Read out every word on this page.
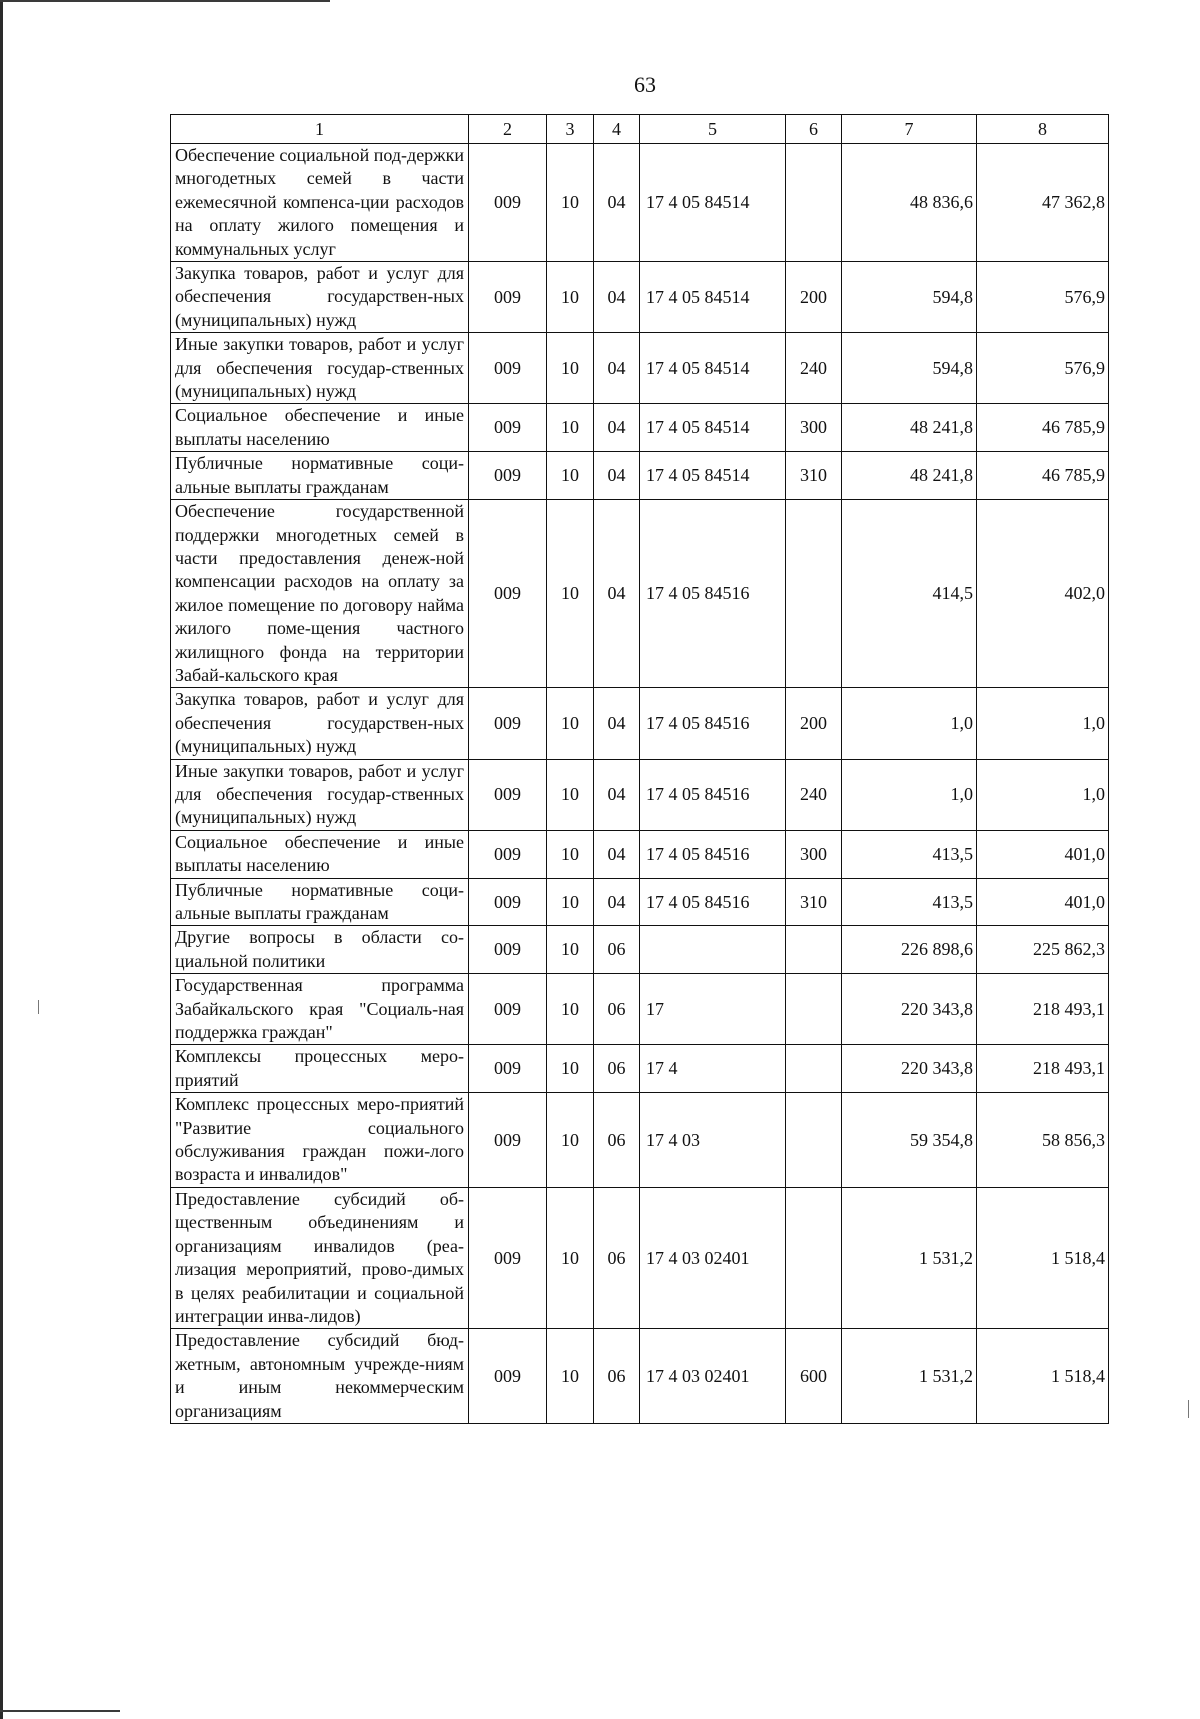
63
1	2	3	4	5	6	7	8
Обеспечение социальной под-держки многодетных семей в части ежемесячной компенса-ции расходов на оплату жилого помещения и коммунальных услуг	009	10	04	17 4 05 84514		48 836,6	47 362,8
Закупка товаров, работ и услуг для обеспечения государствен-ных (муниципальных) нужд	009	10	04	17 4 05 84514	200	594,8	576,9
Иные закупки товаров, работ и услуг для обеспечения государ-ственных (муниципальных) нужд	009	10	04	17 4 05 84514	240	594,8	576,9
Социальное обеспечение и иные выплаты населению	009	10	04	17 4 05 84514	300	48 241,8	46 785,9
Публичные нормативные соци-альные выплаты гражданам	009	10	04	17 4 05 84514	310	48 241,8	46 785,9
Обеспечение государственной поддержки многодетных семей в части предоставления денеж-ной компенсации расходов на оплату за жилое помещение по договору найма жилого поме-щения частного жилищного фонда на территории Забай-кальского края	009	10	04	17 4 05 84516		414,5	402,0
Закупка товаров, работ и услуг для обеспечения государствен-ных (муниципальных) нужд	009	10	04	17 4 05 84516	200	1,0	1,0
Иные закупки товаров, работ и услуг для обеспечения государ-ственных (муниципальных) нужд	009	10	04	17 4 05 84516	240	1,0	1,0
Социальное обеспечение и иные выплаты населению	009	10	04	17 4 05 84516	300	413,5	401,0
Публичные нормативные соци-альные выплаты гражданам	009	10	04	17 4 05 84516	310	413,5	401,0
Другие вопросы в области со-циальной политики	009	10	06			226 898,6	225 862,3
Государственная программа Забайкальского края "Социаль-ная поддержка граждан"	009	10	06	17		220 343,8	218 493,1
Комплексы процессных меро-приятий	009	10	06	17 4		220 343,8	218 493,1
Комплекс процессных меро-приятий "Развитие социального обслуживания граждан пожи-лого возраста и инвалидов"	009	10	06	17 4 03		59 354,8	58 856,3
Предоставление субсидий об-щественным объединениям и организациям инвалидов (реа-лизация мероприятий, прово-димых в целях реабилитации и социальной интеграции инва-лидов)	009	10	06	17 4 03 02401		1 531,2	1 518,4
Предоставление субсидий бюд-жетным, автономным учрежде-ниям и иным некоммерческим организациям	009	10	06	17 4 03 02401	600	1 531,2	1 518,4
